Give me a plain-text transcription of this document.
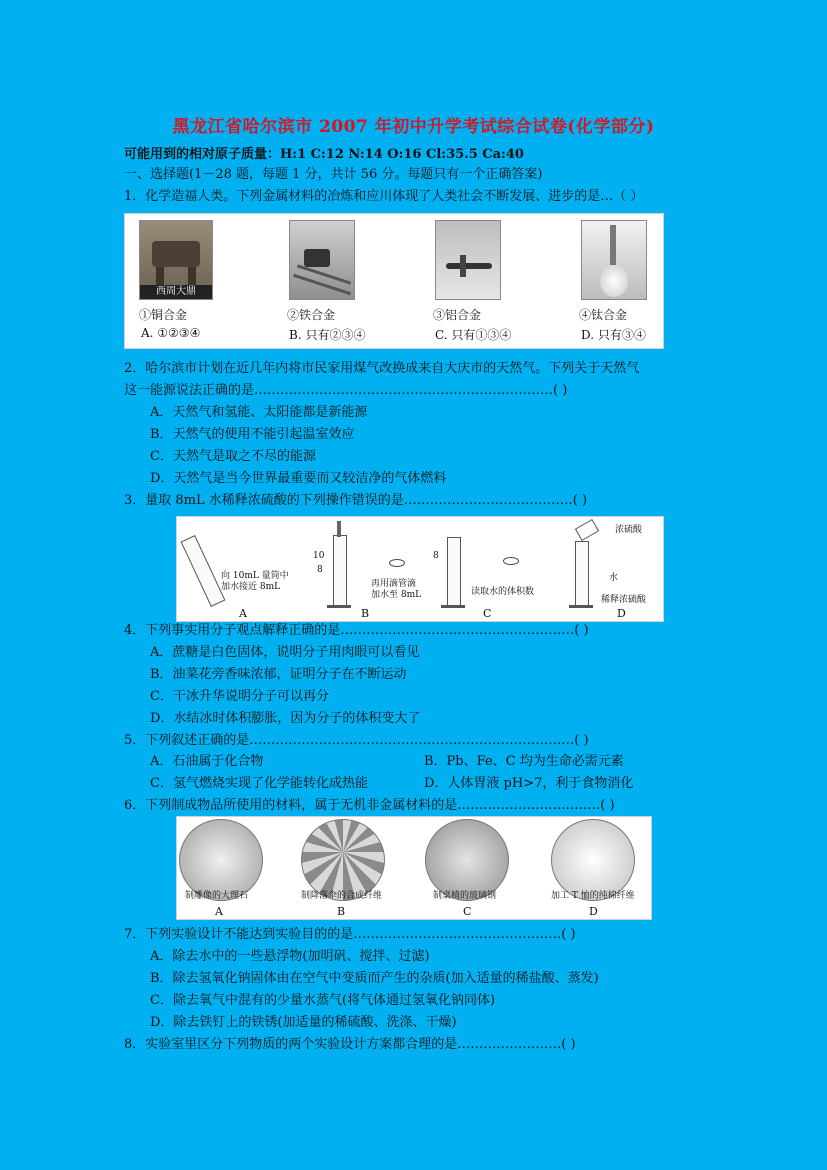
黑龙江省哈尔滨市 2007 年初中升学考试综合试卷(化学部分)
可能用到的相对原子质量：H:1 C:12 N:14 O:16 Cl:35.5 Ca:40
一、选择题(1－28 题，每题 1 分，共计 56 分。每题只有一个正确答案)
1．化学造福人类。下列金属材料的冶炼和应川体现了人类社会不断发展、进步的是…（ ）
西周大鼎
①铜合金	②铁合金	③铝合金	④钛合金
A. ①②③④	B. 只有②③④	C. 只有①③④	D. 只有③④
2．哈尔滨市计划在近几年内将市民家用煤气改换成来自大庆市的天然气。下列关于天然气
这一能源说法正确的是……………………………………………………………( )
A．天然气和氢能、太阳能都是新能源
B．天然气的使用不能引起温室效应
C．天然气是取之不尽的能源
D．天然气是当今世界最重要而又较洁净的气体燃料
3．量取 8mL 水稀释浓硫酸的下列操作错误的是…………………………………( )
向 10mL 量筒中
加水接近 8mL
A
10
8
再用滴管滴
加水至 8mL
B
8
读取水的体积数
C
浓硫酸
水
稀释浓硫酸
D
4．下列事实用分子观点解释正确的是………………………………………………( )
A．蔗糖是白色固体，说明分子用肉眼可以看见
B．油菜花旁香味浓郁，证明分子在不断运动
C．干冰升华说明分子可以再分
D．水结冰时体积膨胀，因为分子的体积变大了
5．下列叙述正确的是…………………………………………………………………( )
A．石油属于化合物	B．Pb、Fe、C 均为生命必需元素
C．氢气燃烧实现了化学能转化成热能	D．人体胃液 pH>7，利于食物消化
6．下列制成物品所使用的材料，属于无机非金属材料的是……………………………( )
制雕像的大理石	制降落伞的合成纤维	制桌椅的玻璃钢	加工 T 恤的纯棉纤维
A	B	C	D
7．下列实验设计不能达到实验目的的是…………………………………………( )
A．除去水中的一些悬浮物(加明矾、搅拌、过滤)
B．除去氢氧化钠固体由在空气中变质而产生的杂质(加入适量的稀盐酸、蒸发)
C．除去氧气中混有的少量水蒸气(将气体通过氢氧化钠同体)
D．除去铁钉上的铁锈(加适量的稀硫酸、洗涤、干燥)
8．实验室里区分下列物质的两个实验设计方案都合理的是……………………( )
